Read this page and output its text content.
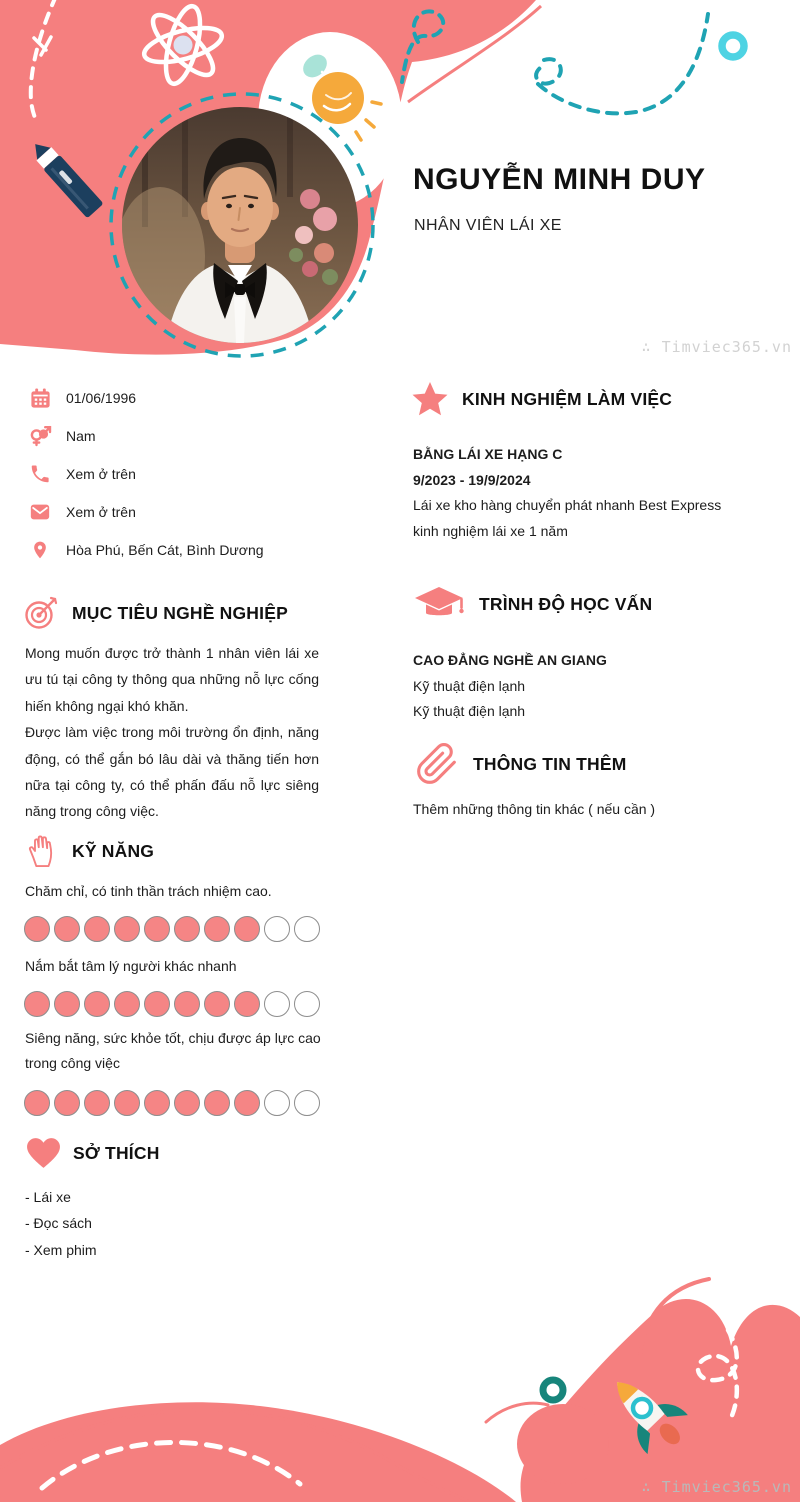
NGUYỄN MINH DUY
NHÂN VIÊN LÁI XE
∴ Timviec365.vn
01/06/1996
Nam
Xem ở trên
Xem ở trên
Hòa Phú, Bến Cát, Bình Dương
MỤC TIÊU NGHỀ NGHIỆP

Mong muốn được trở thành 1 nhân viên lái xe ưu tú tại công ty thông qua những nỗ lực cống hiến không ngại khó khăn.

Được làm việc trong môi trường ổn định, năng động, có thể gắn bó lâu dài và thăng tiến hơn nữa tại công ty, có thể phấn đấu nỗ lực siêng năng trong công việc.

KỸ NĂNG
Chăm chỉ, có tinh thần trách nhiệm cao.
Nắm bắt tâm lý người khác nhanh
Siêng năng, sức khỏe tốt, chịu được áp lực cao trong công việc
SỞ THÍCH
- Lái xe
- Đọc sách
- Xem phim
KINH NGHIỆM LÀM VIỆC
BẰNG LÁI XE HẠNG C
9/2023 - 19/9/2024
Lái xe kho hàng chuyển phát nhanh Best Express
kinh nghiệm lái xe 1 năm
TRÌNH ĐỘ HỌC VẤN
CAO ĐẲNG NGHỀ AN GIANG
Kỹ thuật điện lạnh
Kỹ thuật điện lạnh
THÔNG TIN THÊM
Thêm những thông tin khác ( nếu cần )
∴ Timviec365.vn
